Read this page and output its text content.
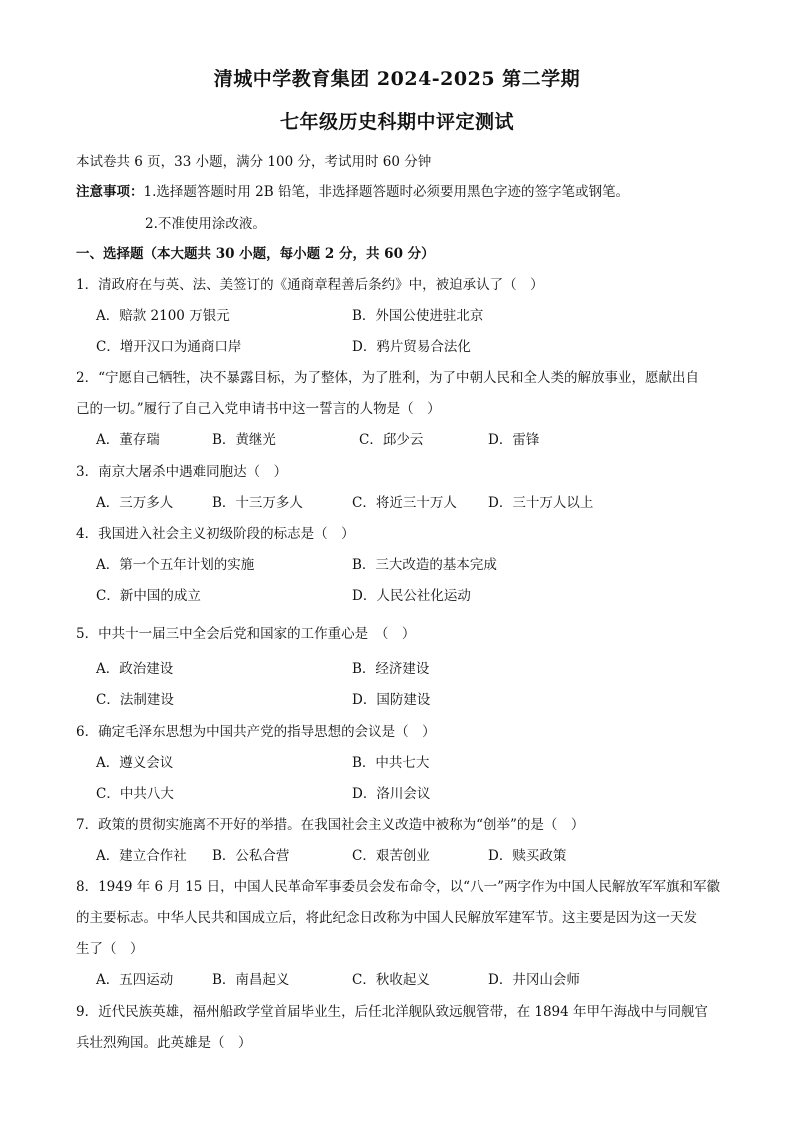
清城中学教育集团 2024-2025 第二学期
七年级历史科期中评定测试
本试卷共 6 页，33 小题，满分 100 分，考试用时 60 分钟
注意事项：1.选择题答题时用 2B 铅笔，非选择题答题时必须要用黑色字迹的签字笔或钢笔。
2.不准使用涂改液。
一、选择题（本大题共 30 小题，每小题 2 分，共 60 分）
1．清政府在与英、法、美签订的《通商章程善后条约》中，被迫承认了（　）
A．赔款 2100 万银元	B．外国公使进驻北京
C．增开汉口为通商口岸	D．鸦片贸易合法化
2．“宁愿自己牺牲，决不暴露目标，为了整体，为了胜利，为了中朝人民和全人类的解放事业，愿献出自
己的一切。”履行了自己入党申请书中这一誓言的人物是（　）
A．董存瑞	B．黄继光	C．邱少云	D．雷锋
3．南京大屠杀中遇难同胞达（　）
A．三万多人	B．十三万多人	C．将近三十万人 D．三十万人以上
4．我国进入社会主义初级阶段的标志是（　）
A．第一个五年计划的实施	B．三大改造的基本完成
C．新中国的成立	D．人民公社化运动
5．中共十一届三中全会后党和国家的工作重心是　（　）
A．政治建设	B．经济建设
C．法制建设	D．国防建设
6．确定毛泽东思想为中国共产党的指导思想的会议是（　）
A．遵义会议	B．中共七大
C．中共八大	D．洛川会议
7．政策的贯彻实施离不开好的举措。在我国社会主义改造中被称为“创举”的是（　）
A．建立合作社 B．公私合营	C．艰苦创业	D．赎买政策
8．1949 年 6 月 15 日，中国人民革命军事委员会发布命令，以“八一”两字作为中国人民解放军军旗和军徽
的主要标志。中华人民共和国成立后，将此纪念日改称为中国人民解放军建军节。这主要是因为这一天发
生了（　）
A．五四运动	B．南昌起义	C．秋收起义	D．井冈山会师
9．近代民族英雄，福州船政学堂首届毕业生，后任北洋舰队致远舰管带，在 1894 年甲午海战中与同舰官
兵壮烈殉国。此英雄是（　）
